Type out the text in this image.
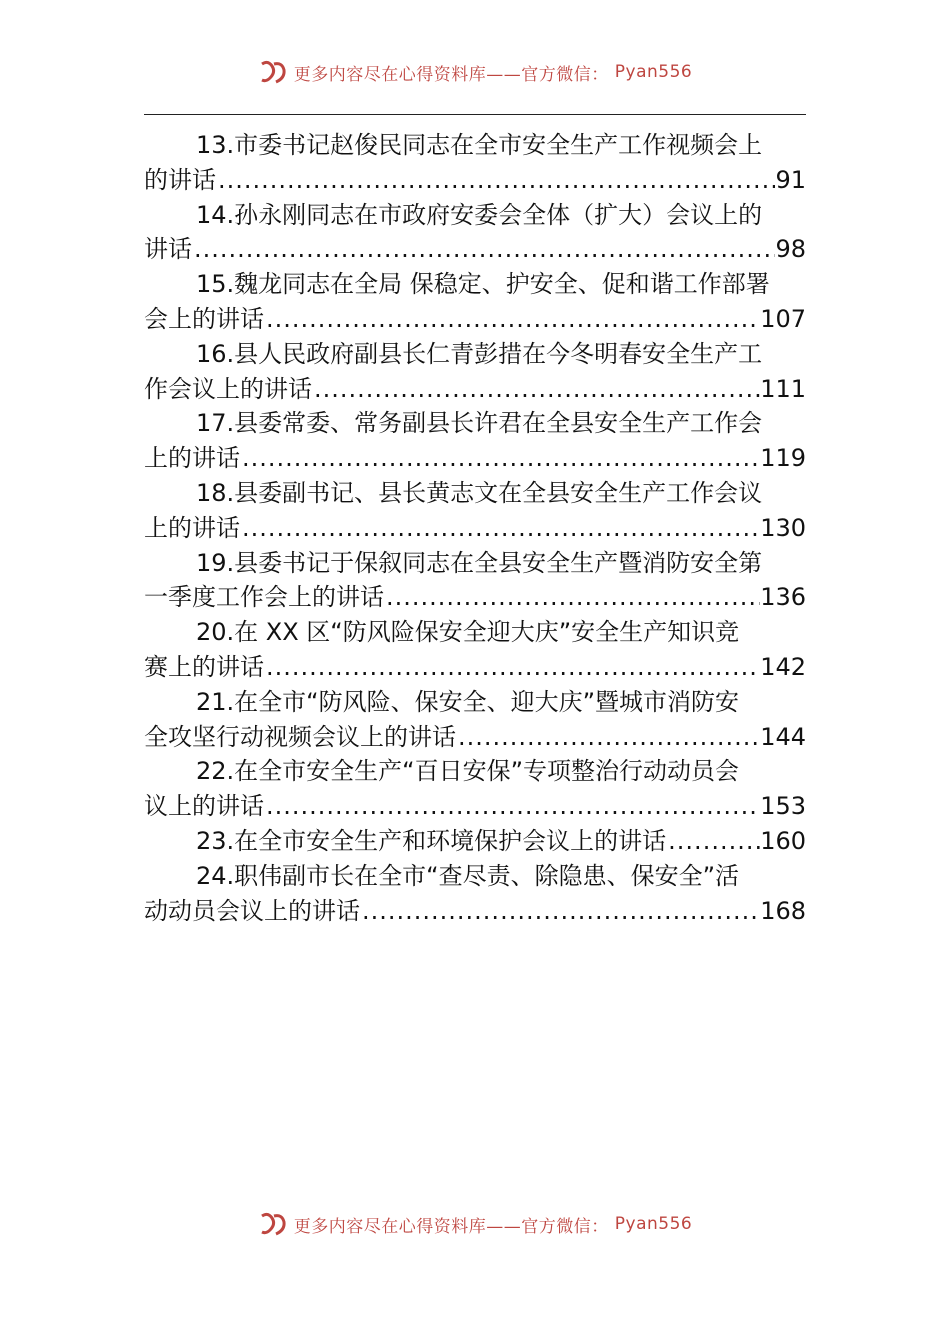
更多内容尽在心得资料库——官方微信： Pyan556
13.市委书记赵俊民同志在全市安全生产工作视频会上
的讲话 .....	91
14.孙永刚同志在市政府安委会全体（扩大）会议上的
讲话 .....	98
15.魏龙同志在全局 保稳定、护安全、促和谐工作部署
会上的讲话 .....	107
16.县人民政府副县长仁青彭措在今冬明春安全生产工
作会议上的讲话 .....	111
17.县委常委、常务副县长许君在全县安全生产工作会
上的讲话 .....	119
18.县委副书记、县长黄志文在全县安全生产工作会议
上的讲话 .....	130
19.县委书记于保叙同志在全县安全生产暨消防安全第
一季度工作会上的讲话 .....	136
20.在 XX 区“防风险保安全迎大庆”安全生产知识竞
赛上的讲话 .....	142
21.在全市“防风险、保安全、迎大庆”暨城市消防安
全攻坚行动视频会议上的讲话 .....	144
22.在全市安全生产“百日安保”专项整治行动动员会
议上的讲话 .....	153
23.在全市安全生产和环境保护会议上的讲话 .....	160
24.职伟副市长在全市“查尽责、除隐患、保安全”活
动动员会议上的讲话 .....	168
更多内容尽在心得资料库——官方微信： Pyan556
